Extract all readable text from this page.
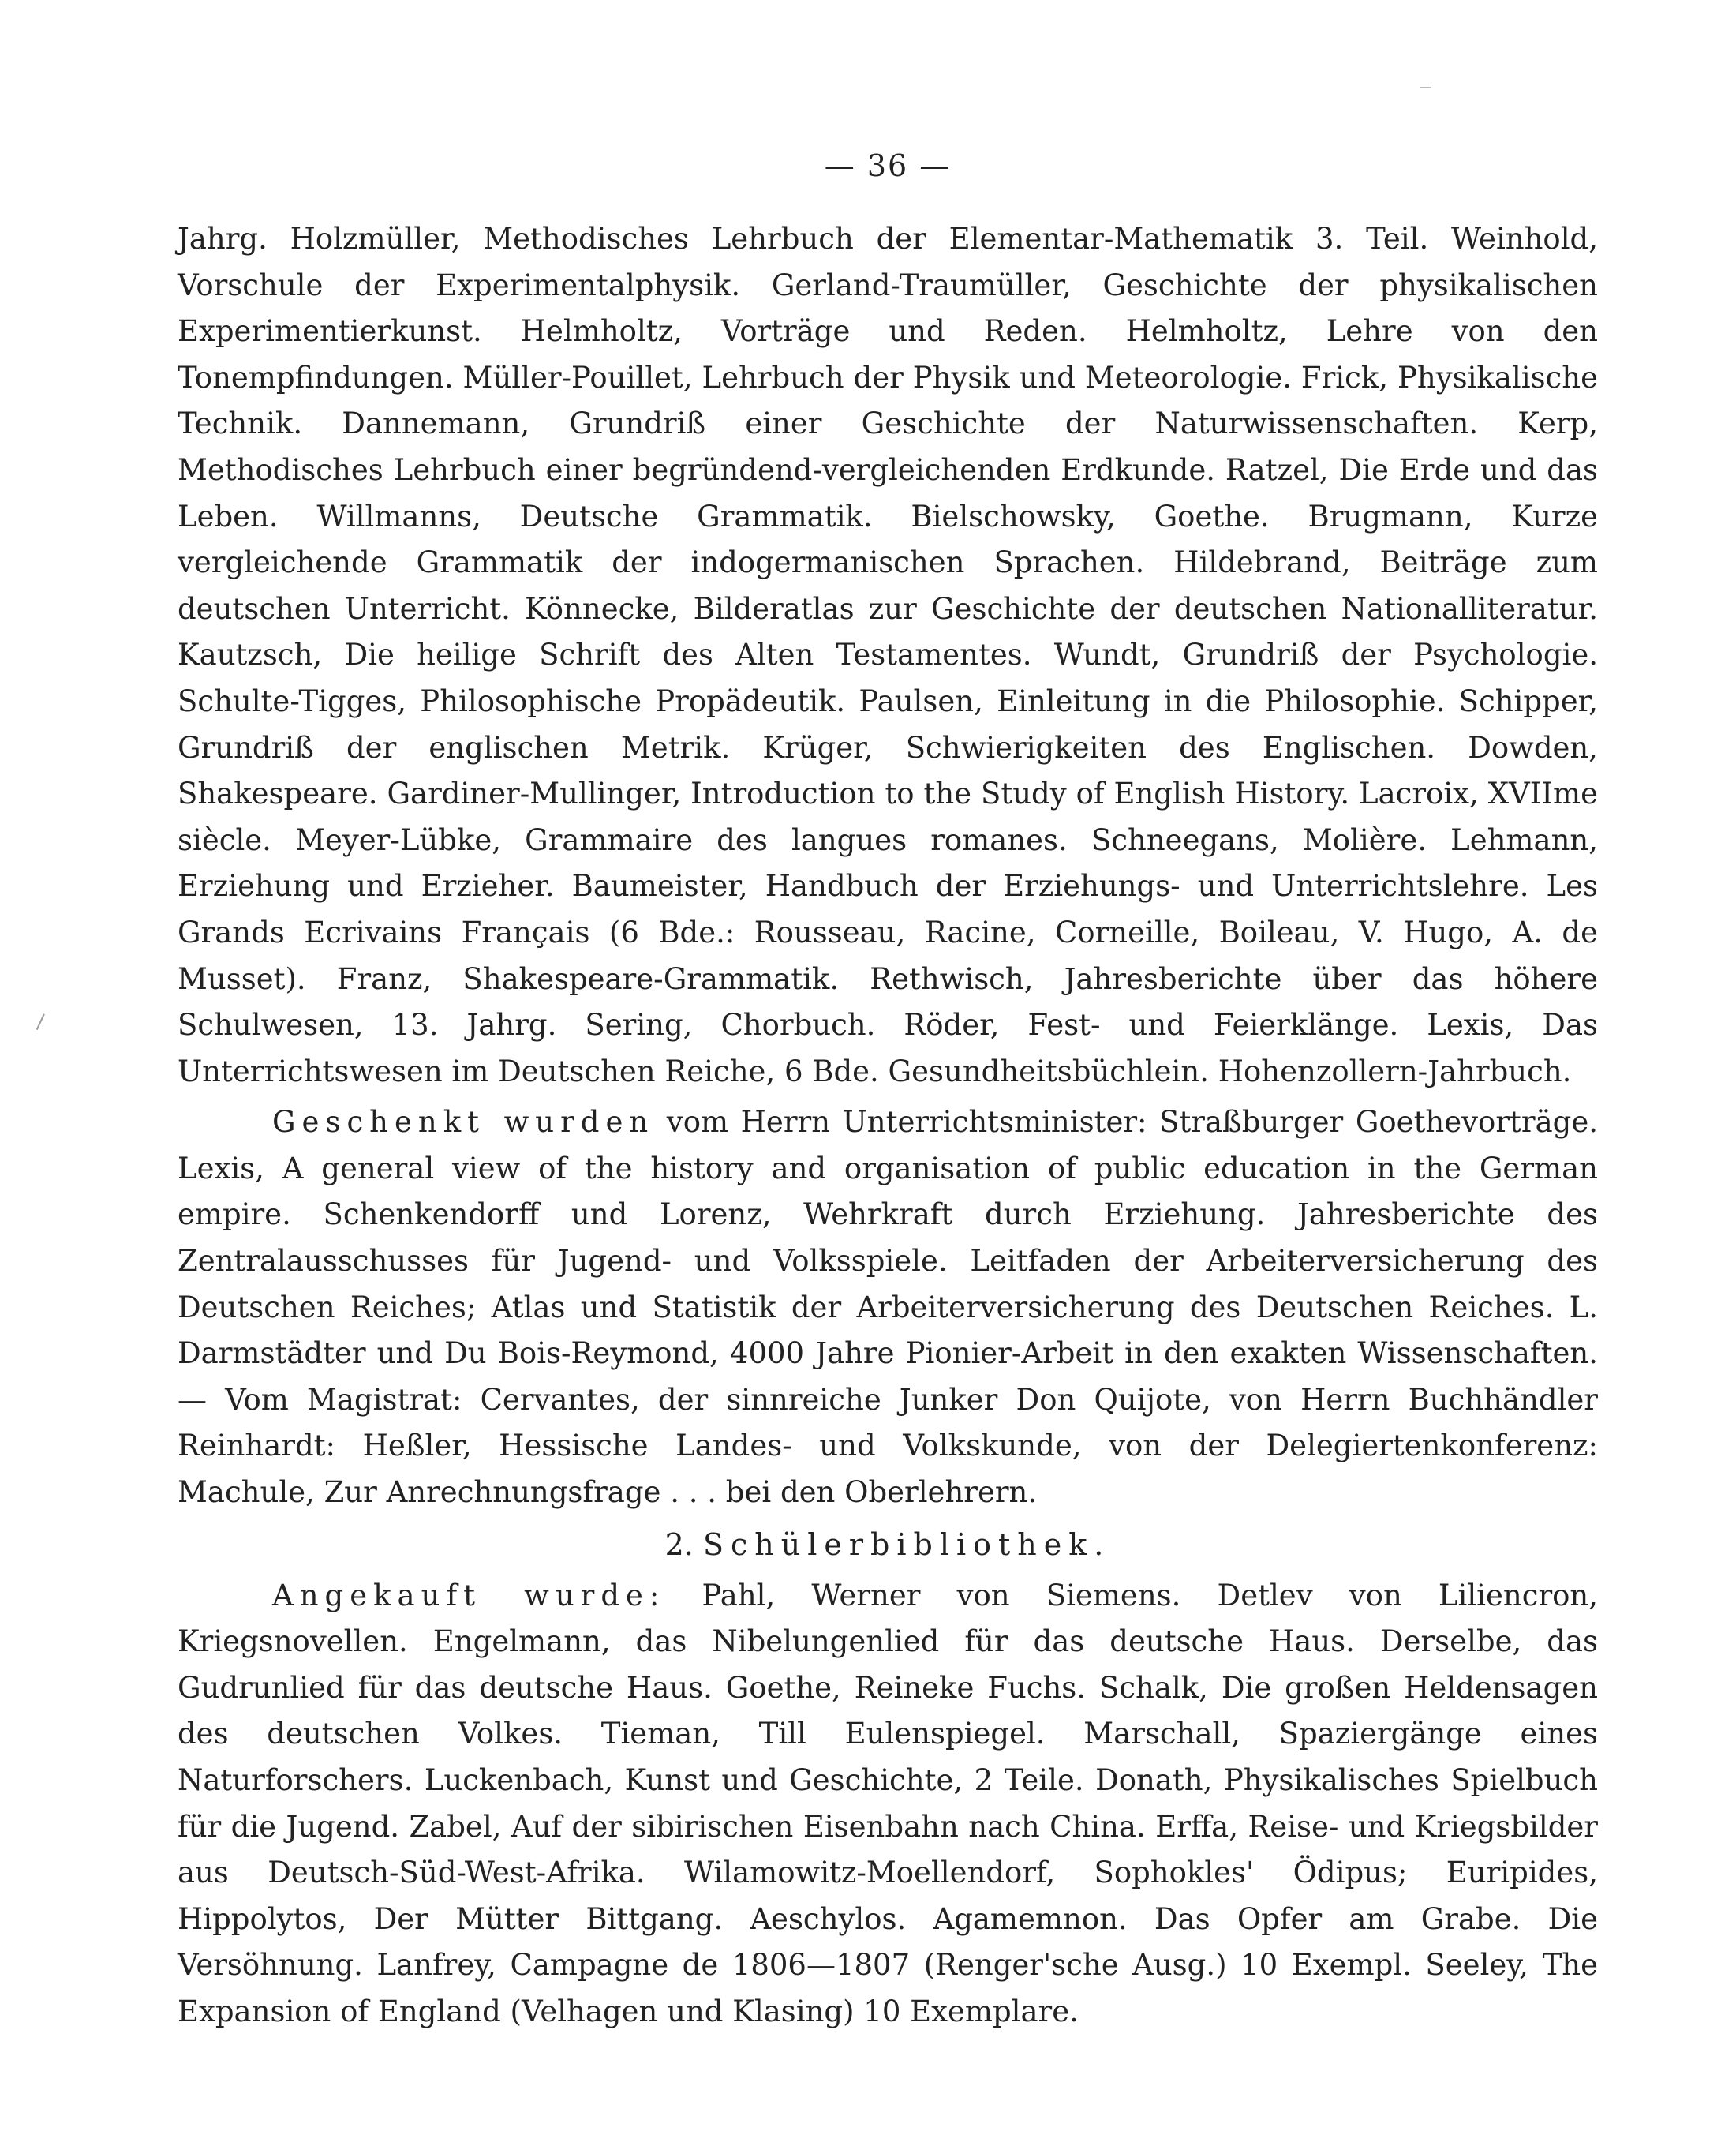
— 36 —

Jahrg. Holzmüller, Methodisches Lehrbuch der Elementar-Mathematik 3. Teil. Weinhold, Vorschule der Experimentalphysik. Gerland-Traumüller, Geschichte der physikalischen Experimentierkunst. Helmholtz, Vorträge und Reden. Helmholtz, Lehre von den Tonempfindungen. Müller-Pouillet, Lehrbuch der Physik und Meteorologie. Frick, Physikalische Technik. Dannemann, Grundriß einer Geschichte der Naturwissenschaften. Kerp, Methodisches Lehrbuch einer begründend-vergleichenden Erdkunde. Ratzel, Die Erde und das Leben. Willmanns, Deutsche Grammatik. Bielschowsky, Goethe. Brugmann, Kurze vergleichende Grammatik der indogermanischen Sprachen. Hildebrand, Beiträge zum deutschen Unterricht. Könnecke, Bilderatlas zur Geschichte der deutschen Nationalliteratur. Kautzsch, Die heilige Schrift des Alten Testamentes. Wundt, Grundriß der Psychologie. Schulte-Tigges, Philosophische Propädeutik. Paulsen, Einleitung in die Philosophie. Schipper, Grundriß der englischen Metrik. Krüger, Schwierigkeiten des Englischen. Dowden, Shakespeare. Gardiner-Mullinger, Introduction to the Study of English History. Lacroix, XVIIme siècle. Meyer-Lübke, Grammaire des langues romanes. Schneegans, Molière. Lehmann, Erziehung und Erzieher. Baumeister, Handbuch der Erziehungs- und Unterrichtslehre. Les Grands Ecrivains Français (6 Bde.: Rousseau, Racine, Corneille, Boileau, V. Hugo, A. de Musset). Franz, Shakespeare-Grammatik. Rethwisch, Jahresberichte über das höhere Schulwesen, 13. Jahrg. Sering, Chorbuch. Röder, Fest- und Feierklänge. Lexis, Das Unterrichtswesen im Deutschen Reiche, 6 Bde. Gesundheitsbüchlein. Hohenzollern-Jahrbuch.

Geschenkt wurden vom Herrn Unterrichtsminister: Straßburger Goethevorträge. Lexis, A general view of the history and organisation of public education in the German empire. Schenkendorff und Lorenz, Wehrkraft durch Erziehung. Jahresberichte des Zentralausschusses für Jugend- und Volksspiele. Leitfaden der Arbeiterversicherung des Deutschen Reiches; Atlas und Statistik der Arbeiterversicherung des Deutschen Reiches. L. Darmstädter und Du Bois-Reymond, 4000 Jahre Pionier-Arbeit in den exakten Wissenschaften. — Vom Magistrat: Cervantes, der sinnreiche Junker Don Quijote, von Herrn Buchhändler Reinhardt: Heßler, Hessische Landes- und Volkskunde, von der Delegiertenkonferenz: Machule, Zur Anrechnungsfrage . . . bei den Oberlehrern.

2. Schülerbibliothek.

Angekauft wurde: Pahl, Werner von Siemens. Detlev von Liliencron, Kriegsnovellen. Engelmann, das Nibelungenlied für das deutsche Haus. Derselbe, das Gudrunlied für das deutsche Haus. Goethe, Reineke Fuchs. Schalk, Die großen Heldensagen des deutschen Volkes. Tieman, Till Eulenspiegel. Marschall, Spaziergänge eines Naturforschers. Luckenbach, Kunst und Geschichte, 2 Teile. Donath, Physikalisches Spielbuch für die Jugend. Zabel, Auf der sibirischen Eisenbahn nach China. Erffa, Reise- und Kriegsbilder aus Deutsch-Süd-West-Afrika. Wilamowitz-Moellendorf, Sophokles' Ödipus; Euripides, Hippolytos, Der Mütter Bittgang. Aeschylos. Agamemnon. Das Opfer am Grabe. Die Versöhnung. Lanfrey, Campagne de 1806—1807 (Renger'sche Ausg.) 10 Exempl. Seeley, The Expansion of England (Velhagen und Klasing) 10 Exemplare.
